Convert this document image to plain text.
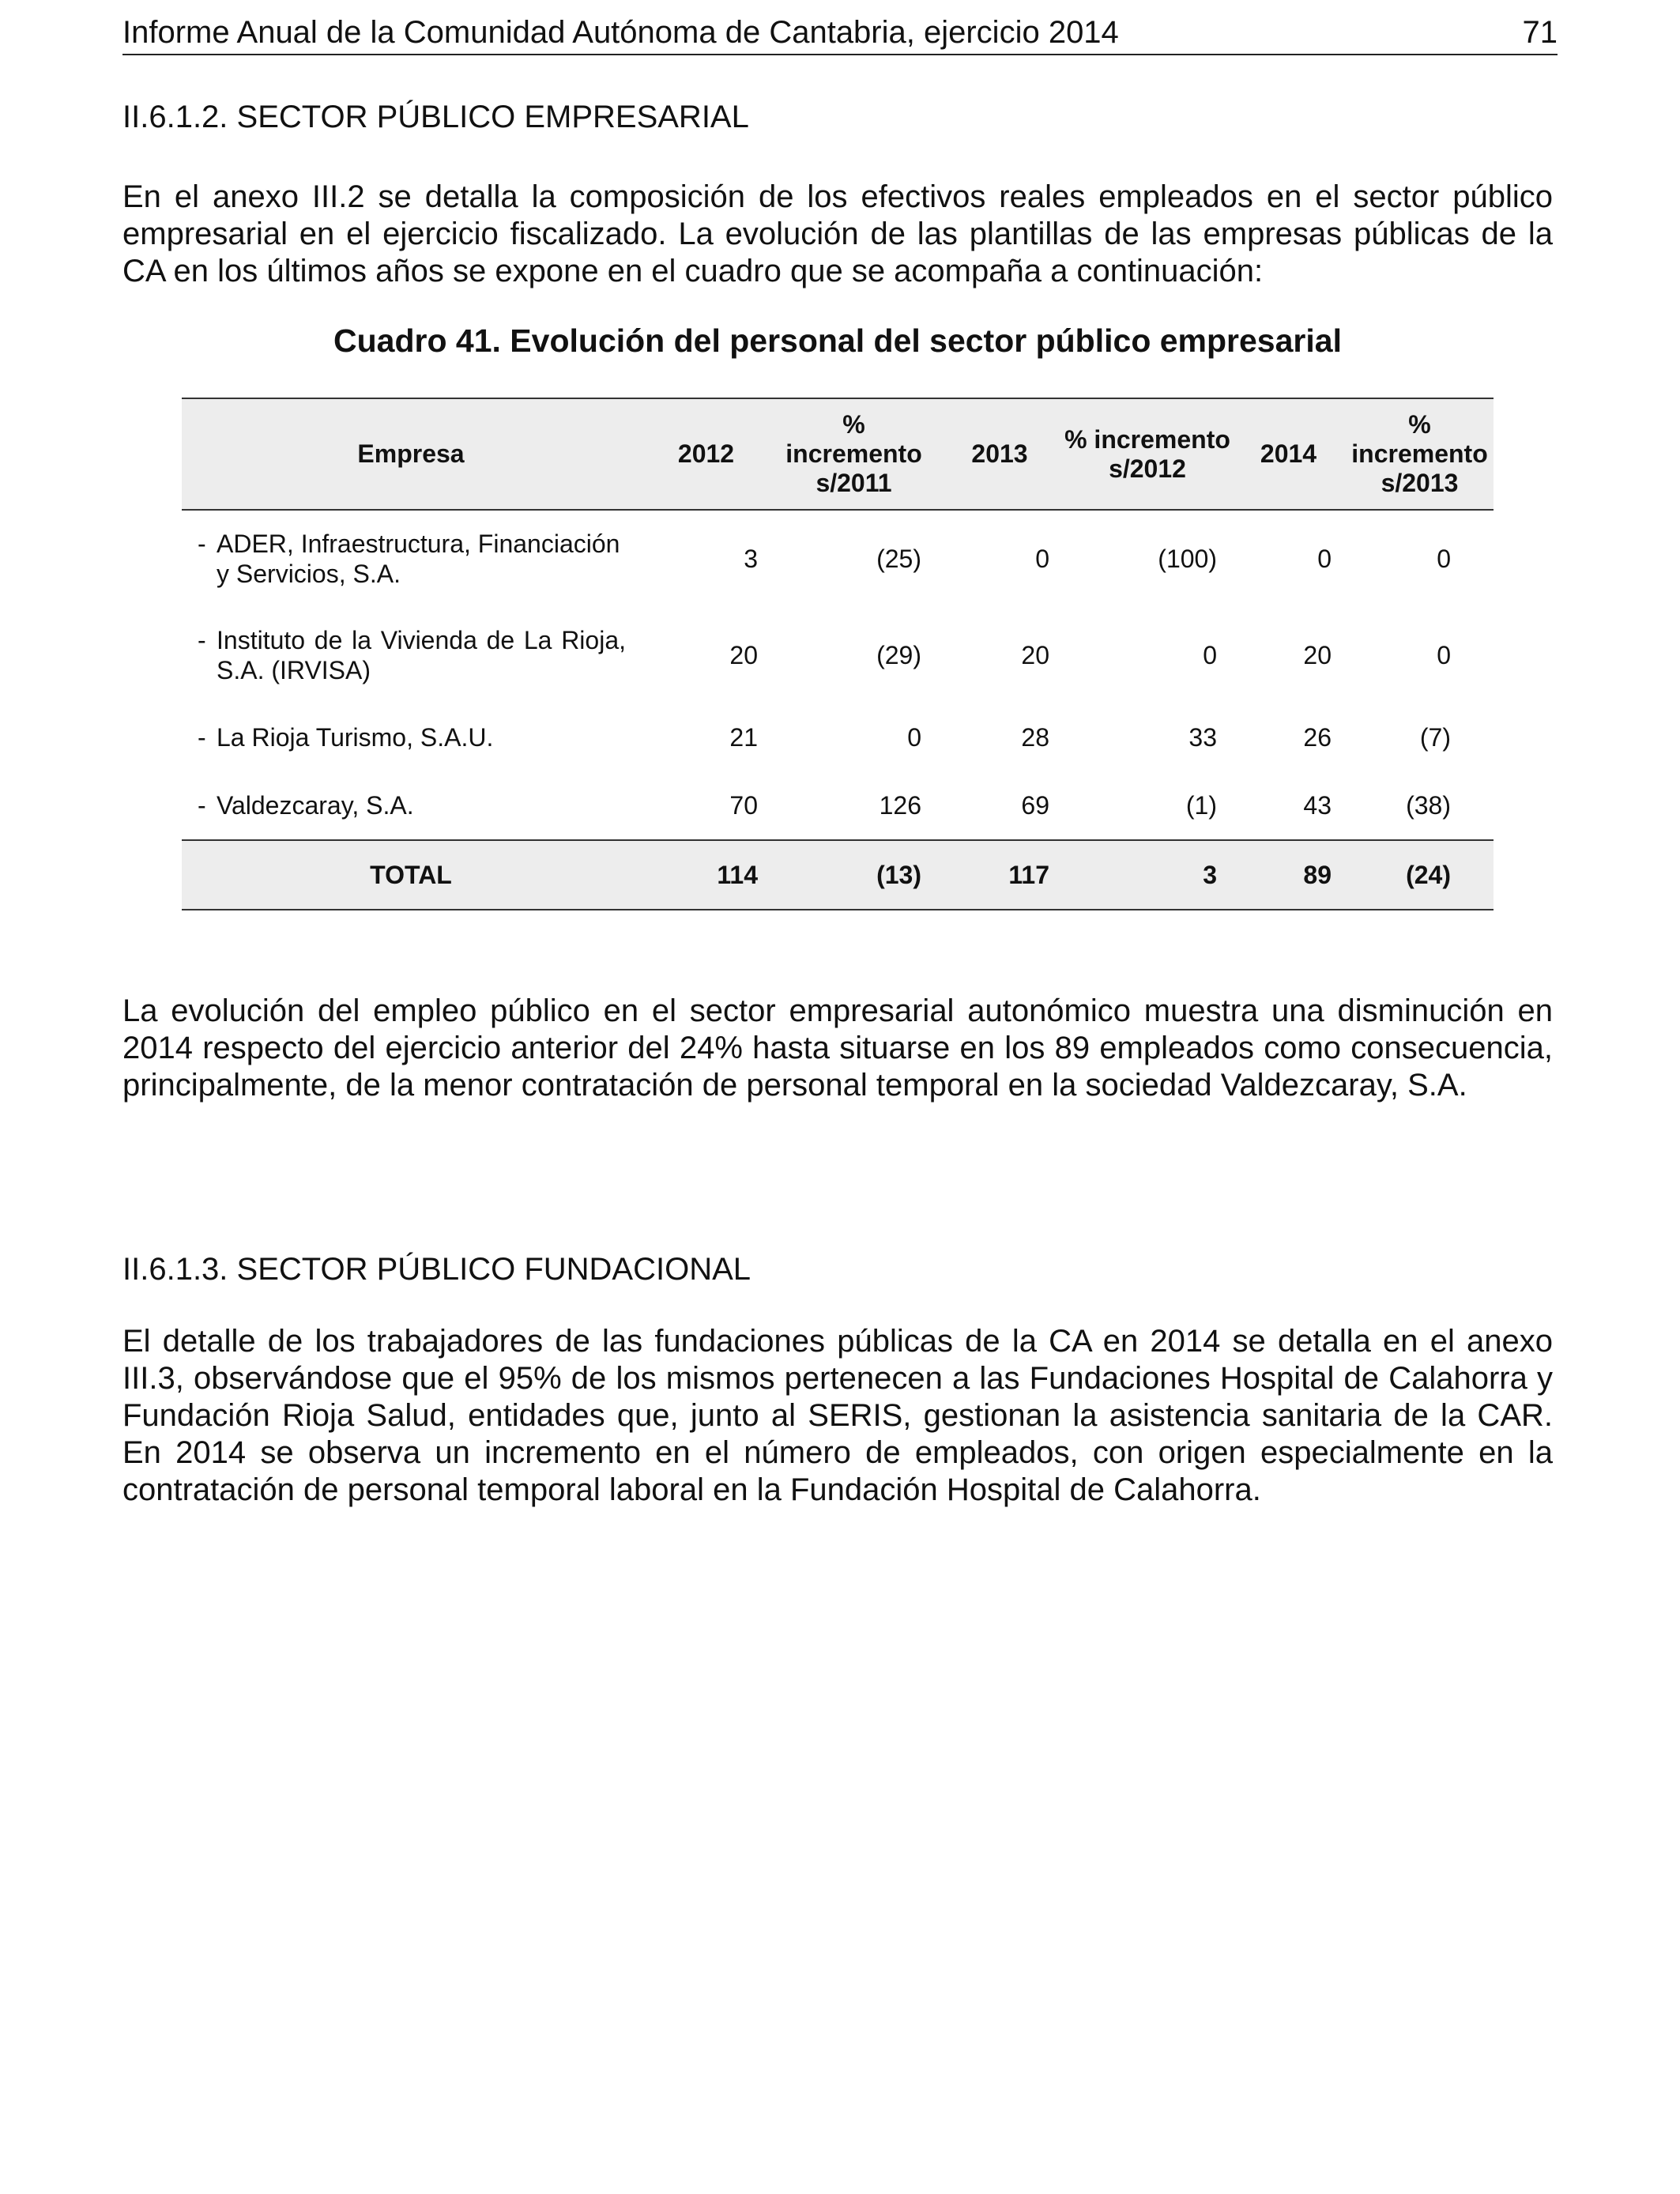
Informe Anual de la Comunidad Autónoma de Cantabria, ejercicio 2014	71
II.6.1.2. SECTOR PÚBLICO EMPRESARIAL

En el anexo III.2 se detalla la composición de los efectivos reales empleados en el sector público empresarial en el ejercicio fiscalizado. La evolución de las plantillas de las empresas públicas de la CA en los últimos años se expone en el cuadro que se acompaña a continuación:

Cuadro 41. Evolución del personal del sector público empresarial
Empresa	2012	% incremento s/2011	2013	% incremento s/2012	2014	% incremento s/2013

- ADER, Infraestructura, Financiación y Servicios, S.A.	3	(25)	0	(100)	0	0

- Instituto de la Vivienda de La Rioja, S.A. (IRVISA)	20	(29)	20	0	20	0

- La Rioja Turismo, S.A.U.	21	0	28	33	26	(7)

- Valdezcaray, S.A.	70	126	69	(1)	43	(38)
TOTAL	114	(13)	117	3	89	(24)

La evolución del empleo público en el sector empresarial autonómico muestra una disminución en 2014 respecto del ejercicio anterior del 24% hasta situarse en los 89 empleados como consecuencia, principalmente, de la menor contratación de personal temporal en la sociedad Valdezcaray, S.A.

II.6.1.3. SECTOR PÚBLICO FUNDACIONAL

El detalle de los trabajadores de las fundaciones públicas de la CA en 2014 se detalla en el anexo III.3, observándose que el 95% de los mismos pertenecen a las Fundaciones Hospital de Calahorra y Fundación Rioja Salud, entidades que, junto al SERIS, gestionan la asistencia sanitaria de la CAR. En 2014 se observa un incremento en el número de empleados, con origen especialmente en la contratación de personal temporal laboral en la Fundación Hospital de Calahorra.
